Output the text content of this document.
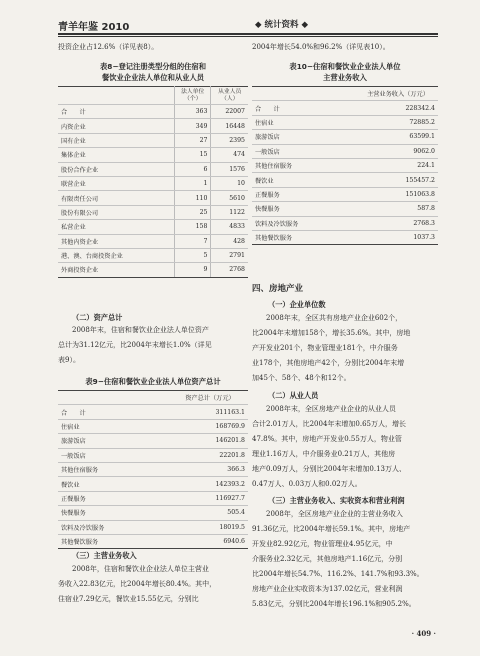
青羊年鉴 2010	◆ 统计资料 ◆
投资企业占12.6%（详见表8）。
表8−登记注册类型分组的住宿和
餐饮业企业法人单位和从业人员
	法人单位（个）	从业人员（人）
合　　计	363	22007
内资企业	349	16448
国有企业	27	2395
集体企业	15	474
股份合作企业	6	1576
联营企业	1	10
有限责任公司	110	5610
股份有限公司	25	1122
私营企业	158	4833
其他内资企业	7	428
港、澳、台商投资企业	5	2791
外商投资企业	9	2768
（二）资产总计
2008年末，住宿和餐饮业企业法人单位资产
总计为31.12亿元，比2004年末增长1.0%（详见
表9）。
表9−住宿和餐饮业企业法人单位资产总计
	资产总计（万元）
合　　计	311163.1
住宿业	168769.9
旅游饭店	146201.8
一般饭店	22201.8
其他住宿服务	366.3
餐饮业	142393.2
正餐服务	116927.7
快餐服务	505.4
饮料及冷饮服务	18019.5
其他餐饮服务	6940.6
（三）主营业务收入
2008年，住宿和餐饮业企业法人单位主营业
务收入22.83亿元，比2004年增长80.4%。其中，
住宿业7.29亿元，餐饮业15.55亿元，分别比
2004年增长54.0%和96.2%（详见表10）。
表10−住宿和餐饮业企业法人单位
主营业务收入
	主营业务收入（万元）
合　　计	228342.4
住宿业	72885.2
旅游饭店	63599.1
一般饭店	9062.0
其他住宿服务	224.1
餐饮业	155457.2
正餐服务	151063.8
快餐服务	587.8
饮料及冷饮服务	2768.3
其他餐饮服务	1037.3
四、房地产业
（一）企业单位数
2008年末，全区共有房地产业企业602个，
比2004年末增加158个，增长35.6%。其中，房地
产开发业201个，物业管理业181个，中介服务
业178个，其他房地产42个，分别比2004年末增
加45个、58个、48个和12个。
（二）从业人员
2008年末，全区房地产业企业的从业人员
合计2.01万人，比2004年末增加0.65万人，增长
47.8%。其中，房地产开发业0.55万人，物业管
理业1.16万人，中介服务业0.21万人，其他房
地产0.09万人，分别比2004年末增加0.13万人、
0.47万人、0.03万人和0.02万人。
（三）主营业务收入、实收资本和营业利润
2008年，全区房地产业企业的主营业务收入
91.36亿元，比2004年增长59.1%。其中，房地产
开发业82.92亿元，物业管理业4.95亿元，中
介服务业2.32亿元，其他房地产1.16亿元，分别
比2004年增长54.7%、116.2%、141.7%和93.3%。
房地产业企业实收资本为137.02亿元，营业利润
5.83亿元，分别比2004年增长196.1%和905.2%。
· 409 ·
